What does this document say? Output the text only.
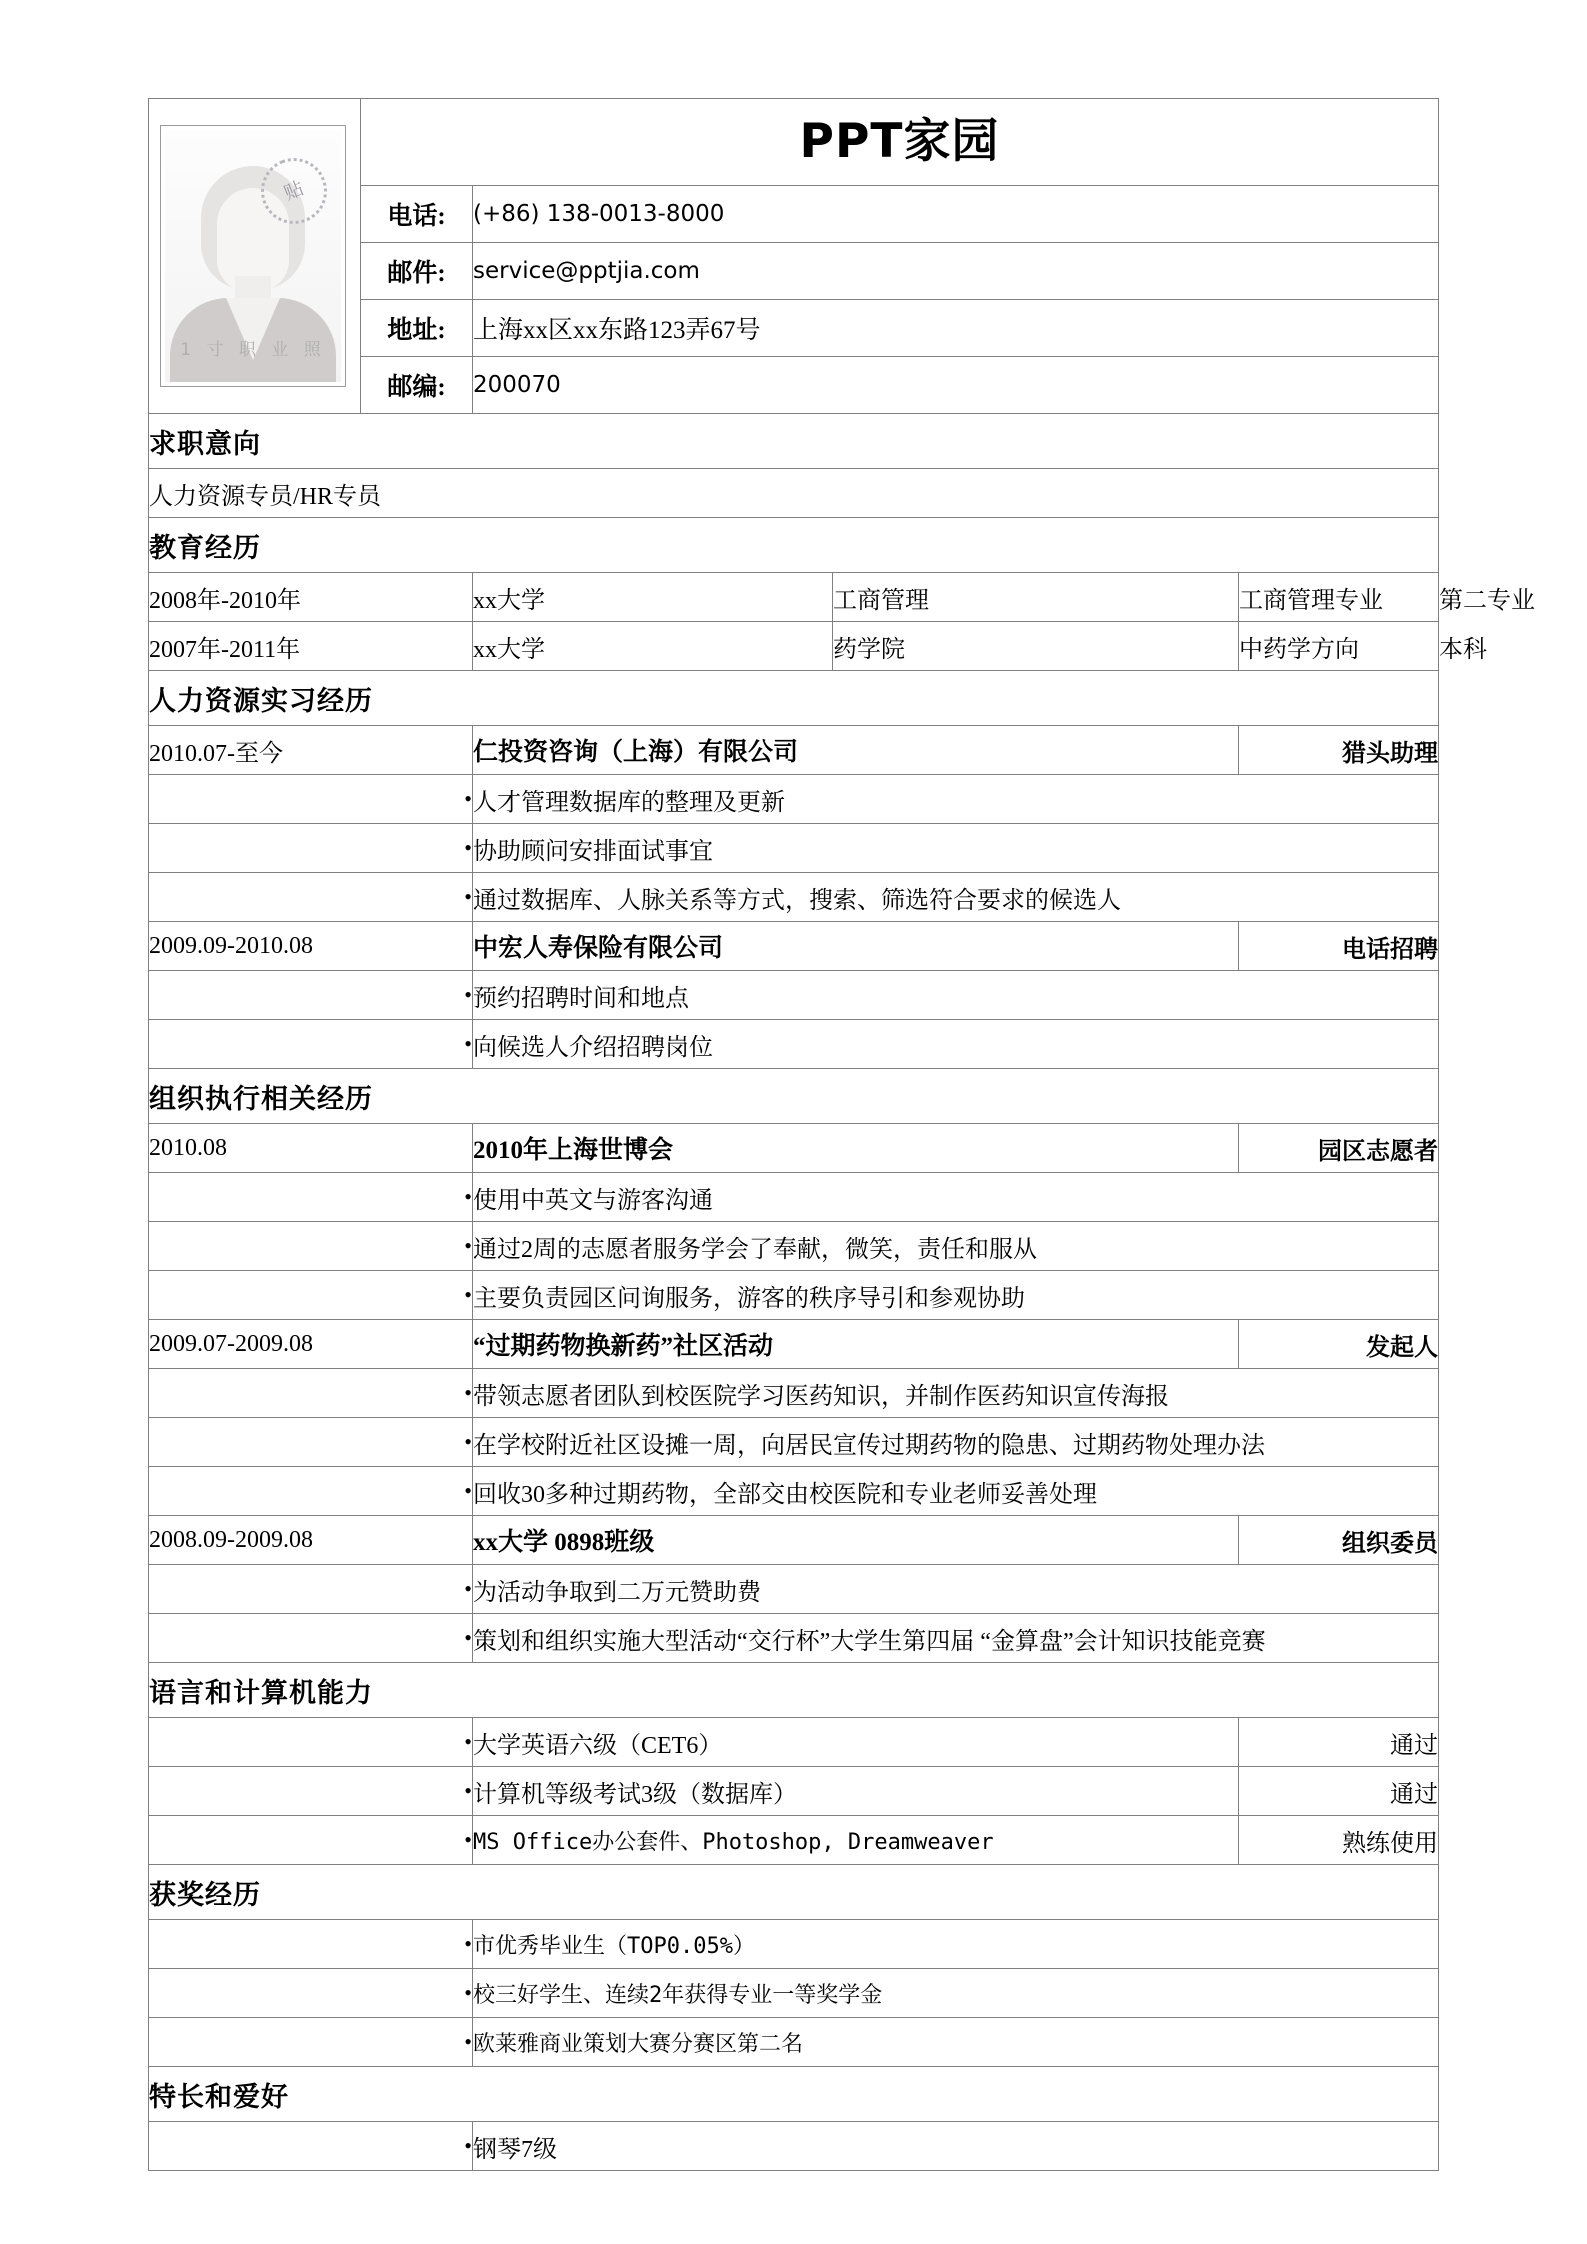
贴
1 寸 职 业 照	PPT家园				

	电话:	(+86) 138-0013-8000			
	邮件:	service@pptjia.com			
	地址:	上海xx区xx东路123弄67号			
	邮编:	200070			
求职意向					
人力资源专员/HR专员					
教育经历					
2008年-2010年		xx大学	工商管理	工商管理专业	第二专业
2007年-2011年		xx大学	药学院	中药学方向	本科
人力资源实习经历					
2010.07-至今		仁投资咨询（上海）有限公司		猎头助理	
•		人才管理数据库的整理及更新			
•		协助顾问安排面试事宜			
•		通过数据库、人脉关系等方式，搜索、筛选符合要求的候选人			
2009.09-2010.08		中宏人寿保险有限公司		电话招聘	
•		预约招聘时间和地点			
•		向候选人介绍招聘岗位			
组织执行相关经历					
2010.08		2010年上海世博会		园区志愿者	
•		使用中英文与游客沟通			
•		通过2周的志愿者服务学会了奉献，微笑，责任和服从			
•		主要负责园区问询服务，游客的秩序导引和参观协助			
2009.07-2009.08		“过期药物换新药”社区活动		发起人	
•		带领志愿者团队到校医院学习医药知识，并制作医药知识宣传海报			
•		在学校附近社区设摊一周，向居民宣传过期药物的隐患、过期药物处理办法			
•		回收30多种过期药物，全部交由校医院和专业老师妥善处理			
2008.09-2009.08		xx大学 0898班级		组织委员	
•		为活动争取到二万元赞助费			
•		策划和组织实施大型活动“交行杯”大学生第四届 “金算盘”会计知识技能竞赛			
语言和计算机能力					
•		大学英语六级（CET6）		通过	
•		计算机等级考试3级（数据库）		通过	
•		MS Office办公套件、Photoshop, Dreamweaver		熟练使用	
获奖经历					
•		市优秀毕业生（TOP0.05%）			
•		校三好学生、连续2年获得专业一等奖学金			
•		欧莱雅商业策划大赛分赛区第二名			
特长和爱好					
•		钢琴7级			
